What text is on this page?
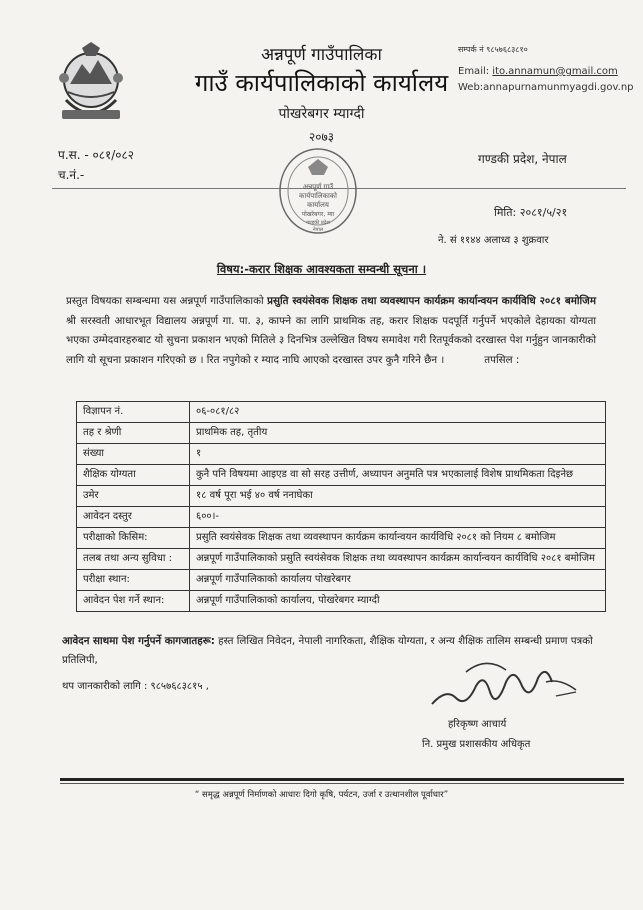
अन्नपूर्ण गाउँपालिका
गाउँ कार्यपालिकाको कार्यालय
पोखरेबगर म्याग्दी
२०७३
सम्पर्क नं ९८५७६८३८१०
Email: ito.annamun@gmail.com
Web:annapurnamunmyagdi.gov.np
प.स. - ०८१/०८२
च.नं.-
गण्डकी प्रदेश, नेपाल
अन्नपूर्ण गाउँ
कार्यपालिकाको
कार्यालय
पोखरेबगर, म्या
गण्डकी प्रदेश
नेपाल
मिति: २०८१/५/२१
ने. सं ११४४ अलाध्व ३ शुक्रवार
विषय:-करार शिक्षक आवश्यकता सम्वन्धी सूचना ।
प्रस्तुत विषयका सम्बन्धमा यस अन्नपूर्ण गाउँपालिकाको प्रसुति स्वयंसेवक शिक्षक तथा व्यवस्थापन कार्यक्रम कार्यान्वयन कार्यविधि २०८१ बमोजिम श्री सरस्वती आधारभूत विद्यालय अन्नपूर्ण गा. पा. ३, काफ्ने का लागि प्राथमिक तह, करार शिक्षक पदपूर्ति गर्नुपर्ने भएकोले देहायका योग्यता भएका उम्मेदवारहरुबाट यो सुचना प्रकाशन भएको मितिले ३ दिनभित्र उल्लेखित विषय समावेश गरी रितपूर्वकको दरखास्त पेश गर्नुहुन जानकारीको लागि यो सूचना प्रकाशन गरिएको छ । रित नपुगेको र म्याद नाघि आएको दरखास्त उपर कुनै गरिने छैन ।	तपसिल :
विज्ञापन नं.	०६-०८१/८२
तह र श्रेणी	प्राथमिक तह, तृतीय
संख्या	१
शैक्षिक योग्यता	कुनै पनि विषयमा आइएड वा सो सरह उत्तीर्ण, अध्यापन अनुमति पत्र भएकालाई विशेष प्राथमिकता दिइनेछ
उमेर	१८ वर्ष पूरा भई ४० वर्ष ननाघेका
आवेदन दस्तुर	६००।-
परीक्षाको किसिम:	प्रसुति स्वयंसेवक शिक्षक तथा व्यवस्थापन कार्यक्रम कार्यान्वयन कार्यविधि २०८१ को नियम ८ बमोजिम
तलब तथा अन्य सुविधा :	अन्नपूर्ण गाउँपालिकाको प्रसुति स्वयंसेवक शिक्षक तथा व्यवस्थापन कार्यक्रम कार्यान्वयन कार्यविधि २०८१ बमोजिम
परीक्षा स्थान:	अन्नपूर्ण गाउँपालिकाको कार्यालय पोखरेबगर
आवेदन पेश गर्ने स्थान:	अन्नपूर्ण गाउँपालिकाको कार्यालय, पोखरेबगर म्याग्दी
आवेदन साथमा पेश गर्नुपर्ने कागजातहरू: हस्त लिखित निवेदन, नेपाली नागरिकता, शैक्षिक योग्यता, र अन्य शैक्षिक तालिम सम्बन्धी प्रमाण पत्रको प्रतिलिपी,
थप जानकारीको लागि : ९८५७६८३८१५ ,
हरिकृष्ण आचार्य
नि. प्रमुख प्रशासकीय अधिकृत
“ समृद्ध अन्नपूर्ण निर्माणको आधारः दिगो कृषि, पर्यटन, उर्जा र उत्थानशील पूर्वाधार”
